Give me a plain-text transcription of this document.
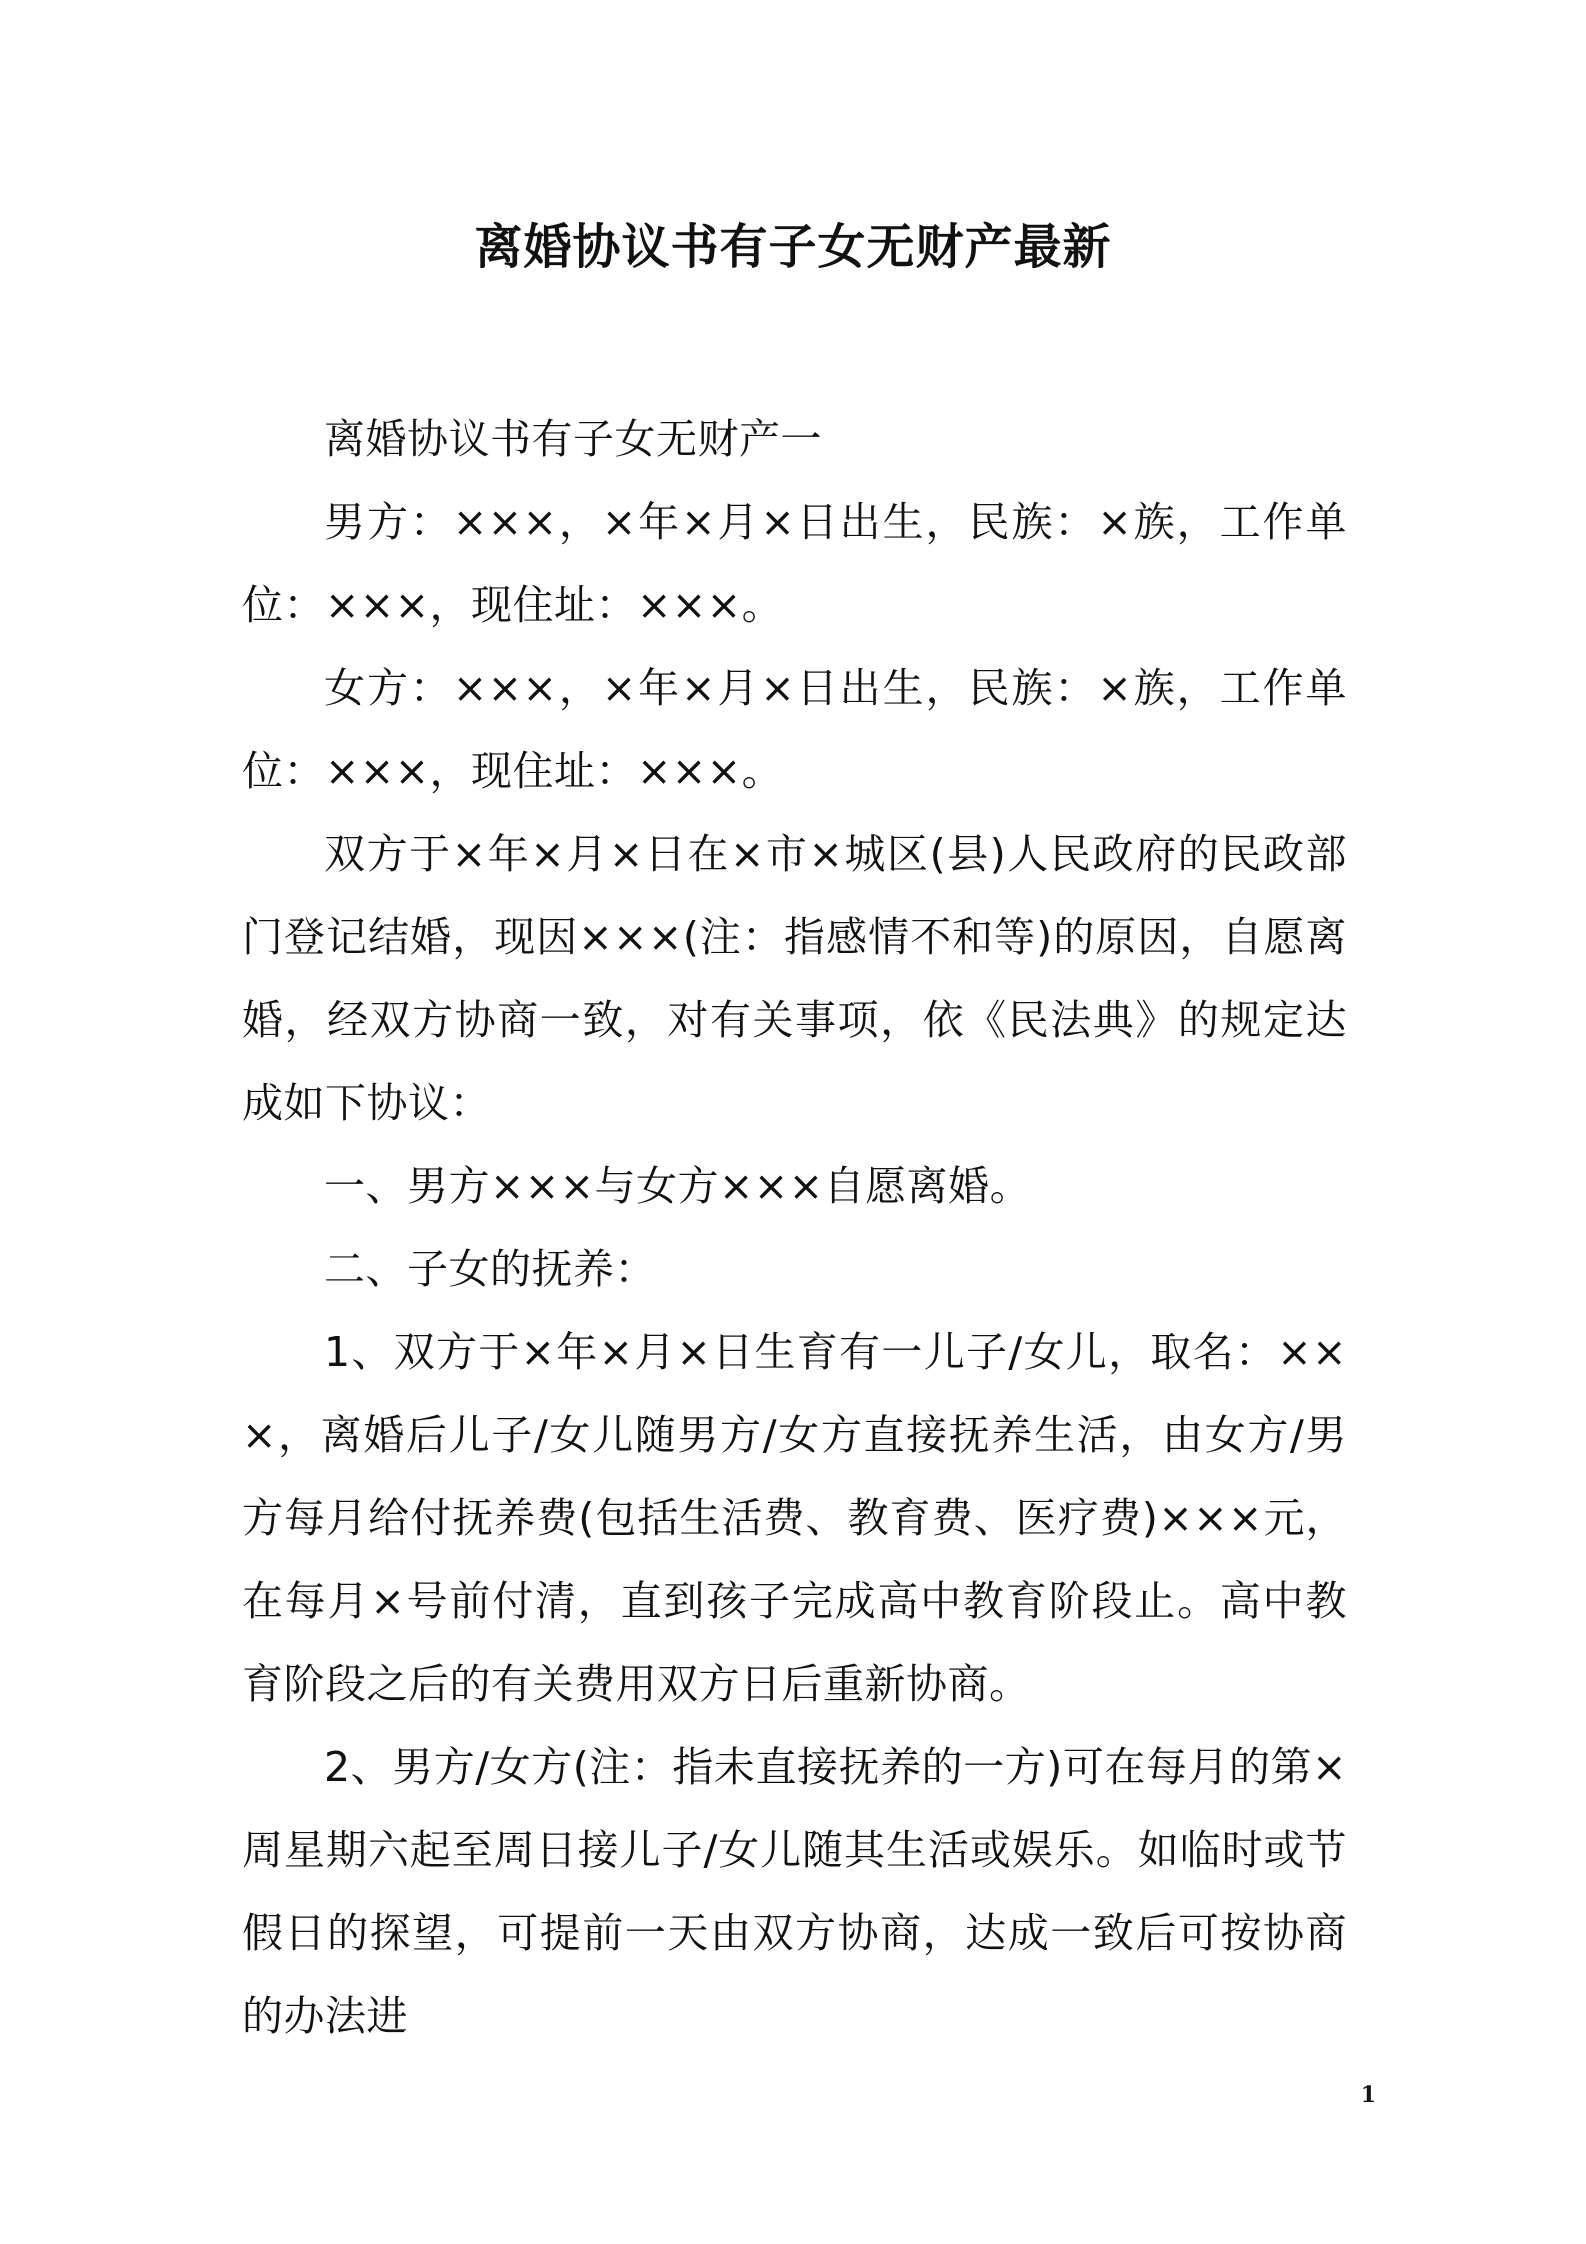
离婚协议书有子女无财产最新

离婚协议书有子女无财产一

男方：×××，×年×月×日出生，民族：×族，工作单位：×××，现住址：×××。

女方：×××，×年×月×日出生，民族：×族，工作单位：×××，现住址：×××。

双方于×年×月×日在×市×城区(县)人民政府的民政部门登记结婚，现因×××(注：指感情不和等)的原因，自愿离婚，经双方协商一致，对有关事项，依《民法典》的规定达成如下协议：

一、男方×××与女方×××自愿离婚。

二、子女的抚养：

1、双方于×年×月×日生育有一儿子/女儿，取名：×××，离婚后儿子/女儿随男方/女方直接抚养生活，由女方/男方每月给付抚养费(包括生活费、教育费、医疗费)×××元，在每月×号前付清，直到孩子完成高中教育阶段止。高中教育阶段之后的有关费用双方日后重新协商。

2、男方/女方(注：指未直接抚养的一方)可在每月的第×周星期六起至周日接儿子/女儿随其生活或娱乐。如临时或节假日的探望，可提前一天由双方协商，达成一致后可按协商的办法进

1
